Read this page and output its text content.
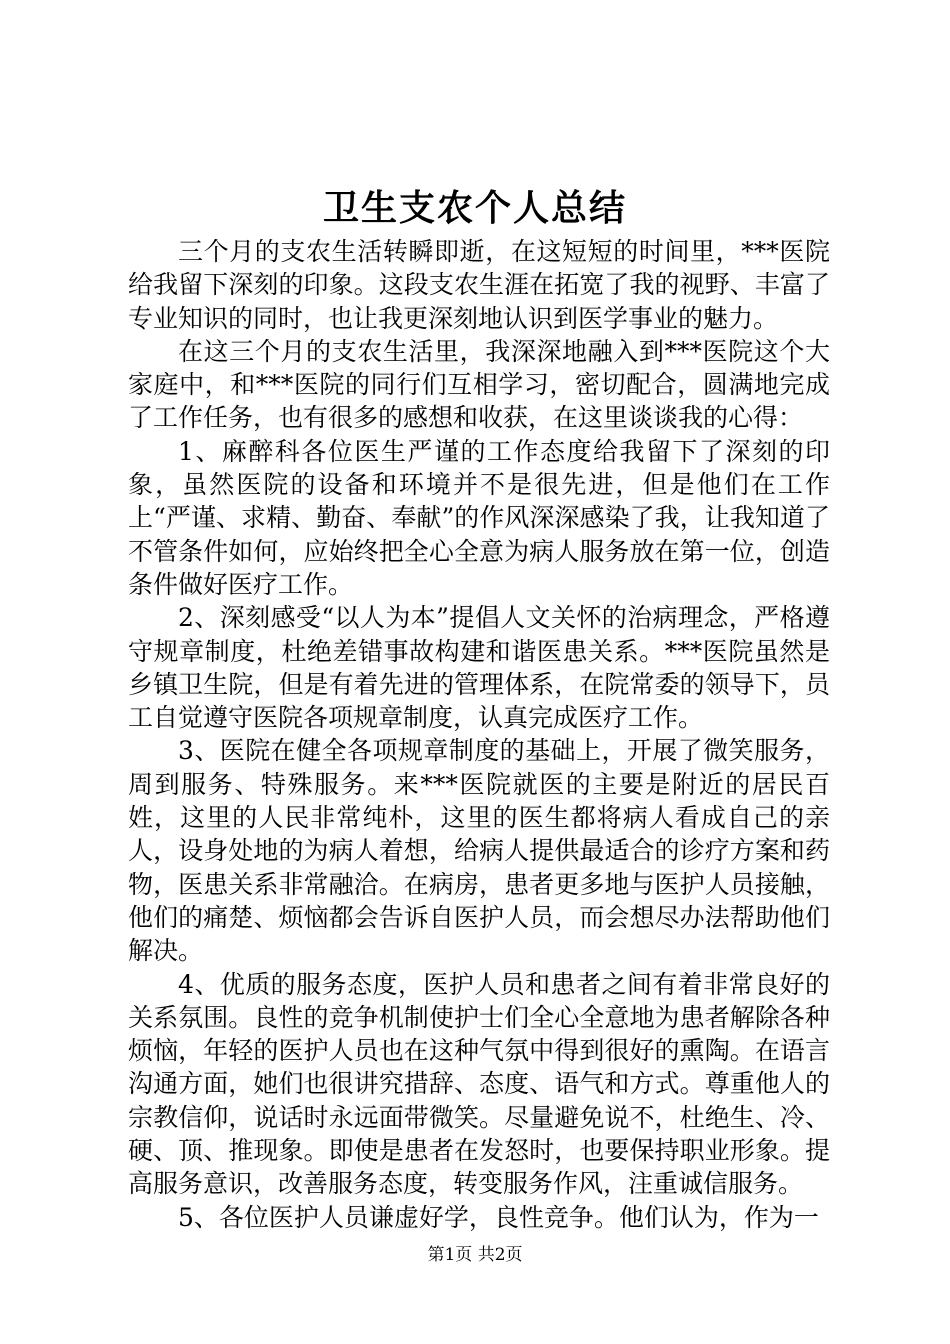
卫生支农个人总结

三个月的支农生活转瞬即逝，在这短短的时间里，***医院给我留下深刻的印象。这段支农生涯在拓宽了我的视野、丰富了专业知识的同时，也让我更深刻地认识到医学事业的魅力。

在这三个月的支农生活里，我深深地融入到***医院这个大家庭中，和***医院的同行们互相学习，密切配合，圆满地完成了工作任务，也有很多的感想和收获，在这里谈谈我的心得：

1、麻醉科各位医生严谨的工作态度给我留下了深刻的印象，虽然医院的设备和环境并不是很先进，但是他们在工作上“严谨、求精、勤奋、奉献”的作风深深感染了我，让我知道了不管条件如何，应始终把全心全意为病人服务放在第一位，创造条件做好医疗工作。

2、深刻感受“以人为本”提倡人文关怀的治病理念，严格遵守规章制度，杜绝差错事故构建和谐医患关系。***医院虽然是乡镇卫生院，但是有着先进的管理体系，在院常委的领导下，员工自觉遵守医院各项规章制度，认真完成医疗工作。

3、医院在健全各项规章制度的基础上，开展了微笑服务，周到服务、特殊服务。来***医院就医的主要是附近的居民百姓，这里的人民非常纯朴，这里的医生都将病人看成自己的亲人，设身处地的为病人着想，给病人提供最适合的诊疗方案和药物，医患关系非常融洽。在病房，患者更多地与医护人员接触，他们的痛楚、烦恼都会告诉自医护人员，而会想尽办法帮助他们解决。

4、优质的服务态度，医护人员和患者之间有着非常良好的关系氛围。良性的竞争机制使护士们全心全意地为患者解除各种烦恼，年轻的医护人员也在这种气氛中得到很好的熏陶。在语言沟通方面，她们也很讲究措辞、态度、语气和方式。尊重他人的宗教信仰，说话时永远面带微笑。尽量避免说不，杜绝生、冷、硬、顶、推现象。即使是患者在发怒时，也要保持职业形象。提高服务意识，改善服务态度，转变服务作风，注重诚信服务。

5、各位医护人员谦虚好学，良性竞争。他们认为，作为一

第1页 共2页
